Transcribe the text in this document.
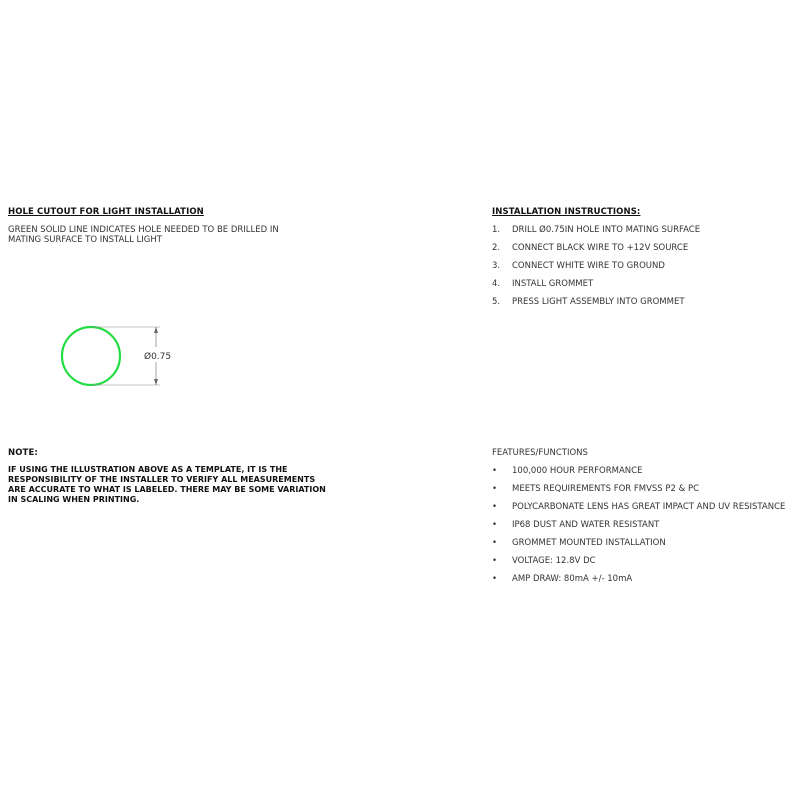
HOLE CUTOUT FOR LIGHT INSTALLATION
GREEN SOLID LINE INDICATES HOLE NEEDED TO BE DRILLED IN MATING SURFACE TO INSTALL LIGHT
Ø0.75
INSTALLATION INSTRUCTIONS:
1. DRILL Ø0.75IN HOLE INTO MATING SURFACE
2. CONNECT BLACK WIRE TO +12V SOURCE
3. CONNECT WHITE WIRE TO GROUND
4. INSTALL GROMMET
5. PRESS LIGHT ASSEMBLY INTO GROMMET
NOTE:
IF USING THE ILLUSTRATION ABOVE AS A TEMPLATE, IT IS THE RESPONSIBILITY OF THE INSTALLER TO VERIFY ALL MEASUREMENTS ARE ACCURATE TO WHAT IS LABELED. THERE MAY BE SOME VARIATION IN SCALING WHEN PRINTING.
FEATURES/FUNCTIONS
• 100,000 HOUR PERFORMANCE
• MEETS REQUIREMENTS FOR FMVSS P2 & PC
• POLYCARBONATE LENS HAS GREAT IMPACT AND UV RESISTANCE
• IP68 DUST AND WATER RESISTANT
• GROMMET MOUNTED INSTALLATION
• VOLTAGE: 12.8V DC
• AMP DRAW: 80mA +/- 10mA
